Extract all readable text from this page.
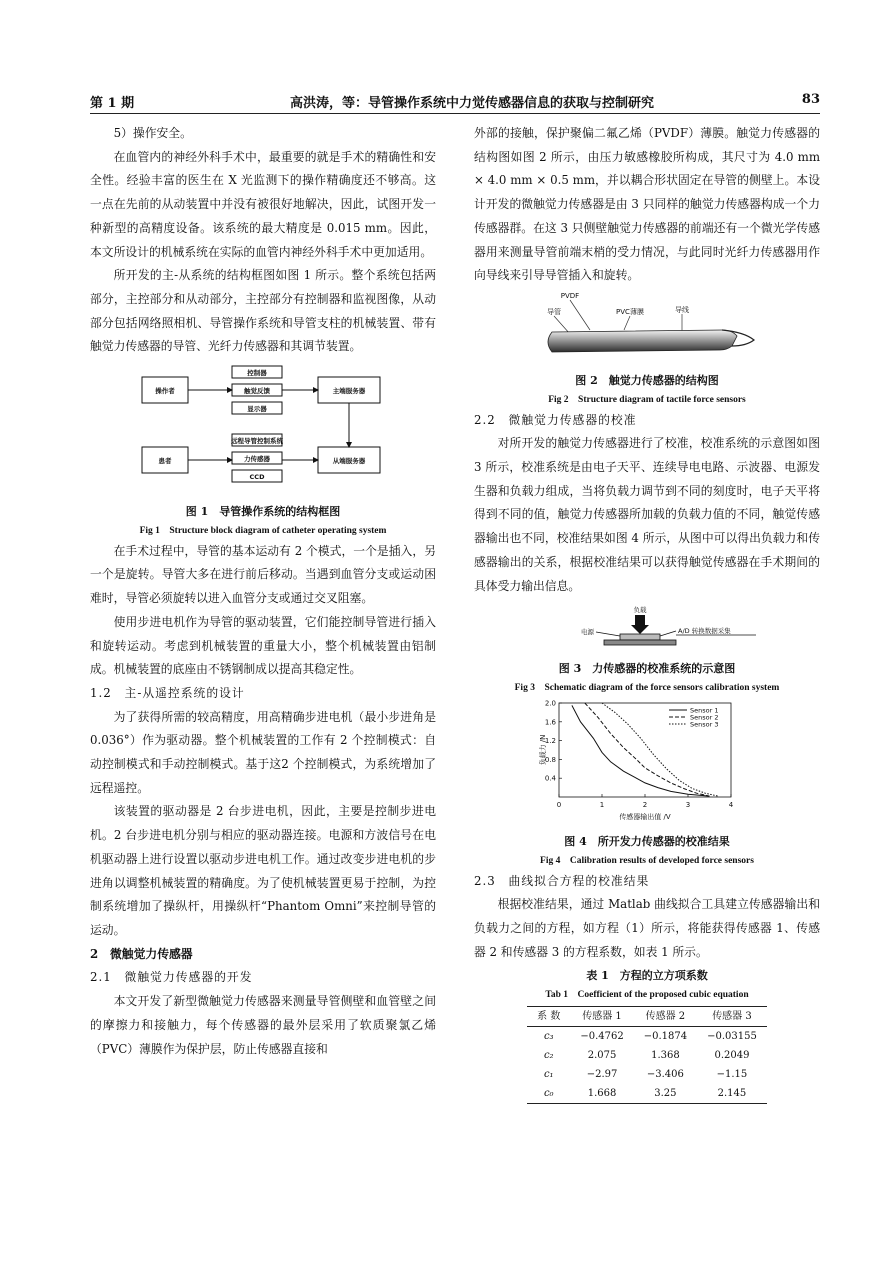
第 1 期	高洪涛，等：导管操作系统中力觉传感器信息的获取与控制研究	83

5）操作安全。

在血管内的神经外科手术中，最重要的就是手术的精确性和安全性。经验丰富的医生在 X 光监测下的操作精确度还不够高。这一点在先前的从动装置中并没有被很好地解决，因此，试图开发一种新型的高精度设备。该系统的最大精度是 0.015 mm。因此，本文所设计的机械系统在实际的血管内神经外科手术中更加适用。

所开发的主-从系统的结构框图如图 1 所示。整个系统包括两部分，主控部分和从动部分，主控部分有控制器和监视图像，从动部分包括网络照相机、导管操作系统和导管支柱的机械装置、带有触觉力传感器的导管、光纤力传感器和其调节装置。

操作者
控制器
触觉反馈
显示器
主端服务器
患者
远程导管控制系统
力传感器
CCD
从端服务器
图 1　导管操作系统的结构框图
Fig 1　Structure block diagram of catheter operating system

在手术过程中，导管的基本运动有 2 个模式，一个是插入，另一个是旋转。导管大多在进行前后移动。当遇到血管分支或运动困难时，导管必须旋转以进入血管分支或通过交叉阻塞。

使用步进电机作为导管的驱动装置，它们能控制导管进行插入和旋转运动。考虑到机械装置的重量大小，整个机械装置由铝制成。机械装置的底座由不锈钢制成以提高其稳定性。

1.2　主-从遥控系统的设计

为了获得所需的较高精度，用高精确步进电机（最小步进角是 0.036°）作为驱动器。整个机械装置的工作有 2 个控制模式：自动控制模式和手动控制模式。基于这2 个控制模式，为系统增加了远程遥控。

该装置的驱动器是 2 台步进电机，因此，主要是控制步进电机。2 台步进电机分别与相应的驱动器连接。电源和方波信号在电机驱动器上进行设置以驱动步进电机工作。通过改变步进电机的步进角以调整机械装置的精确度。为了使机械装置更易于控制，为控制系统增加了操纵杆，用操纵杆“Phantom Omni”来控制导管的运动。

2　微触觉力传感器
2.1　微触觉力传感器的开发

本文开发了新型微触觉力传感器来测量导管侧壁和血管壁之间的摩擦力和接触力，每个传感器的最外层采用了软质聚氯乙烯（PVC）薄膜作为保护层，防止传感器直接和

外部的接触，保护聚偏二氟乙烯（PVDF）薄膜。触觉力传感器的结构图如图 2 所示，由压力敏感橡胶所构成，其尺寸为 4.0 mm × 4.0 mm × 0.5 mm，并以耦合形状固定在导管的侧壁上。本设计开发的微触觉力传感器是由 3 只同样的触觉力传感器构成一个力传感器群。在这 3 只侧壁触觉力传感器的前端还有一个微光学传感器用来测量导管前端末梢的受力情况，与此同时光纤力传感器用作向导线来引导导管插入和旋转。

PVDF
导管	PVC薄膜	导线
图 2　触觉力传感器的结构图
Fig 2　Structure diagram of tactile force sensors
2.2　微触觉力传感器的校准

对所开发的触觉力传感器进行了校准，校准系统的示意图如图 3 所示，校准系统是由电子天平、连续导电电路、示波器、电源发生器和负载力组成，当将负载力调节到不同的刻度时，电子天平将得到不同的值，触觉力传感器所加载的负载力值的不同，触觉传感器输出也不同，校准结果如图 4 所示，从图中可以得出负载力和传感器输出的关系，根据校准结果可以获得触觉传感器在手术期间的具体受力输出信息。

负载
电源	A/D 转换数据采集
图 3　力传感器的校准系统的示意图
Fig 3　Schematic diagram of the force sensors calibration system
0	1	2	3	4
0.4
0.8
1.2
1.6
2.0
传感器输出值 /V
负载力 /N
Sensor 1
Sensor 2
Sensor 3
图 4　所开发力传感器的校准结果
Fig 4　Calibration results of developed force sensors
2.3　曲线拟合方程的校准结果

根据校准结果，通过 Matlab 曲线拟合工具建立传感器输出和负载力之间的方程，如方程（1）所示，将能获得传感器 1、传感器 2 和传感器 3 的方程系数，如表 1 所示。

表 1　方程的立方项系数
Tab 1　Coefficient of the proposed cubic equation
系 数	传感器 1	传感器 2	传感器 3
c₃	−0.4762	−0.1874	−0.03155
c₂	2.075	1.368	0.2049
c₁	−2.97	−3.406	−1.15
c₀	1.668	3.25	2.145
